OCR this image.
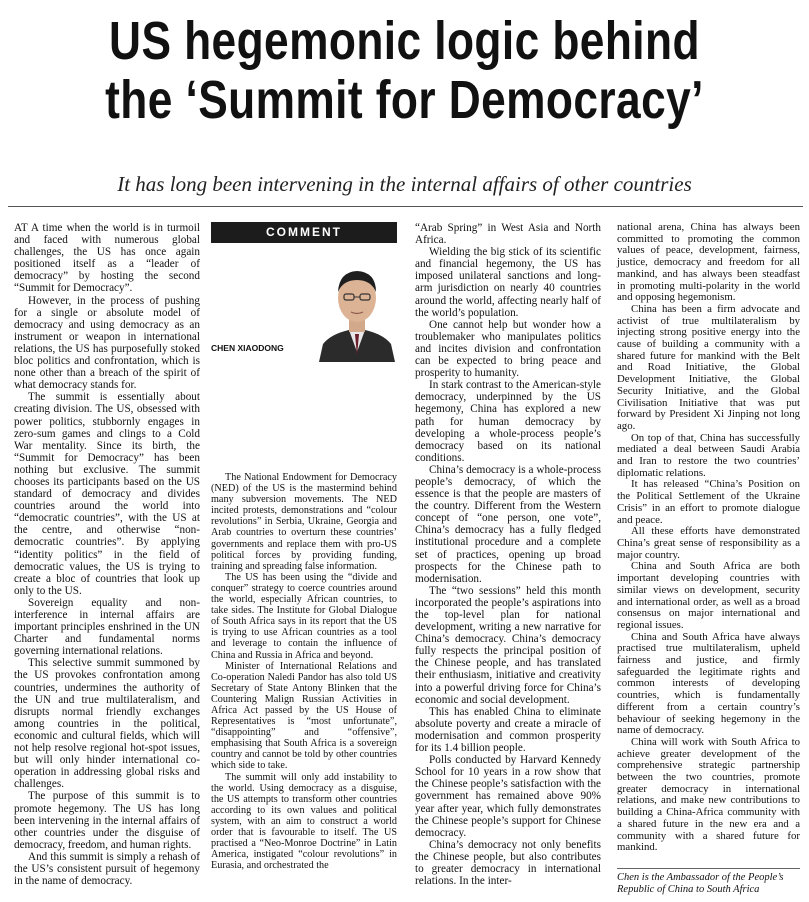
US hegemonic logic behind
the ‘Summit for Democracy’
It has long been intervening in the internal affairs of other countries
COMMENT
CHEN XIAODONG

AT A time when the world is in turmoil and faced with numerous global challenges, the US has once again positioned itself as a “leader of democracy” by hosting the second “Summit for Democracy”.

However, in the process of pushing for a single or absolute model of democracy and using democracy as an instrument or weapon in international relations, the US has purposefully stoked bloc politics and confrontation, which is none other than a breach of the spirit of what democracy stands for.

The summit is essentially about creating division. The US, obsessed with power politics, stubbornly engages in zero-sum games and clings to a Cold War mentality. Since its birth, the “Summit for Democracy” has been nothing but exclusive. The summit chooses its participants based on the US standard of democracy and divides countries around the world into “democratic countries”, with the US at the centre, and otherwise “non-democratic countries”. By applying “identity politics” in the field of democratic values, the US is trying to create a bloc of countries that look up only to the US.

Sovereign equality and non-interference in internal affairs are important principles enshrined in the UN Charter and fundamental norms governing international relations.

This selective summit summoned by the US provokes confrontation among countries, undermines the authority of the UN and true multilateralism, and disrupts normal friendly exchanges among countries in the political, economic and cultural fields, which will not help resolve regional hot-spot issues, but will only hinder international co-operation in addressing global risks and challenges.

The purpose of this summit is to promote hegemony. The US has long been intervening in the internal affairs of other countries under the disguise of democracy, freedom, and human rights.

And this summit is simply a rehash of the US’s consistent pursuit of hegemony in the name of democracy.

The National Endowment for Democracy (NED) of the US is the mastermind behind many subversion movements. The NED incited protests, demonstrations and “colour revolutions” in Serbia, Ukraine, Georgia and Arab countries to overturn these countries’ governments and replace them with pro-US political forces by providing funding, training and spreading false information.

The US has been using the “divide and conquer” strategy to coerce countries around the world, especially African countries, to take sides. The Institute for Global Dialogue of South Africa says in its report that the US is trying to use African countries as a tool and leverage to contain the influence of China and Russia in Africa and beyond.

Minister of International Relations and Co-operation Naledi Pandor has also told US Secretary of State Antony Blinken that the Countering Malign Russian Activities in Africa Act passed by the US House of Representatives is “most unfortunate”, “disappointing” and “offensive”, emphasising that South Africa is a sovereign country and cannot be told by other countries which side to take.

The summit will only add instability to the world. Using democracy as a disguise, the US attempts to transform other countries according to its own values and political system, with an aim to construct a world order that is favourable to itself. The US practised a “Neo-Monroe Doctrine” in Latin America, instigated “colour revolutions” in Eurasia, and orchestrated the

“Arab Spring” in West Asia and North Africa.

Wielding the big stick of its scientific and financial hegemony, the US has imposed unilateral sanctions and long-arm jurisdiction on nearly 40 countries around the world, affecting nearly half of the world’s population.

One cannot help but wonder how a troublemaker who manipulates politics and incites division and confrontation can be expected to bring peace and prosperity to humanity.

In stark contrast to the American-style democracy, underpinned by the US hegemony, China has explored a new path for human democracy by developing a whole-process people’s democracy based on its national conditions.

China’s democracy is a whole-process people’s democracy, of which the essence is that the people are masters of the country. Different from the Western concept of “one person, one vote”, China’s democracy has a fully fledged institutional procedure and a complete set of practices, opening up broad prospects for the Chinese path to modernisation.

The “two sessions” held this month incorporated the people’s aspirations into the top-level plan for national development, writing a new narrative for China’s democracy. China’s democracy fully respects the principal position of the Chinese people, and has translated their enthusiasm, initiative and creativity into a powerful driving force for China’s economic and social development.

This has enabled China to eliminate absolute poverty and create a miracle of modernisation and common prosperity for its 1.4 billion people.

Polls conducted by Harvard Kennedy School for 10 years in a row show that the Chinese people’s satisfaction with the government has remained above 90% year after year, which fully demonstrates the Chinese people’s support for Chinese democracy.

China’s democracy not only benefits the Chinese people, but also contributes to greater democracy in international relations. In the inter-

national arena, China has always been committed to promoting the common values of peace, development, fairness, justice, democracy and freedom for all mankind, and has always been steadfast in promoting multi-polarity in the world and opposing hegemonism.

China has been a firm advocate and activist of true multilateralism by injecting strong positive energy into the cause of building a community with a shared future for mankind with the Belt and Road Initiative, the Global Development Initiative, the Global Security Initiative, and the Global Civilisation Initiative that was put forward by President Xi Jinping not long ago.

On top of that, China has successfully mediated a deal between Saudi Arabia and Iran to restore the two countries’ diplomatic relations.

It has released “China’s Position on the Political Settlement of the Ukraine Crisis” in an effort to promote dialogue and peace.

All these efforts have demonstrated China’s great sense of responsibility as a major country.

China and South Africa are both important developing countries with similar views on development, security and international order, as well as a broad consensus on major international and regional issues.

China and South Africa have always practised true multilateralism, upheld fairness and justice, and firmly safeguarded the legitimate rights and common interests of developing countries, which is fundamentally different from a certain country’s behaviour of seeking hegemony in the name of democracy.

China will work with South Africa to achieve greater development of the comprehensive strategic partnership between the two countries, promote greater democracy in international relations, and make new contributions to building a China-Africa community with a shared future in the new era and a community with a shared future for mankind.

Chen is the Ambassador of the People’s Republic of China to South Africa
